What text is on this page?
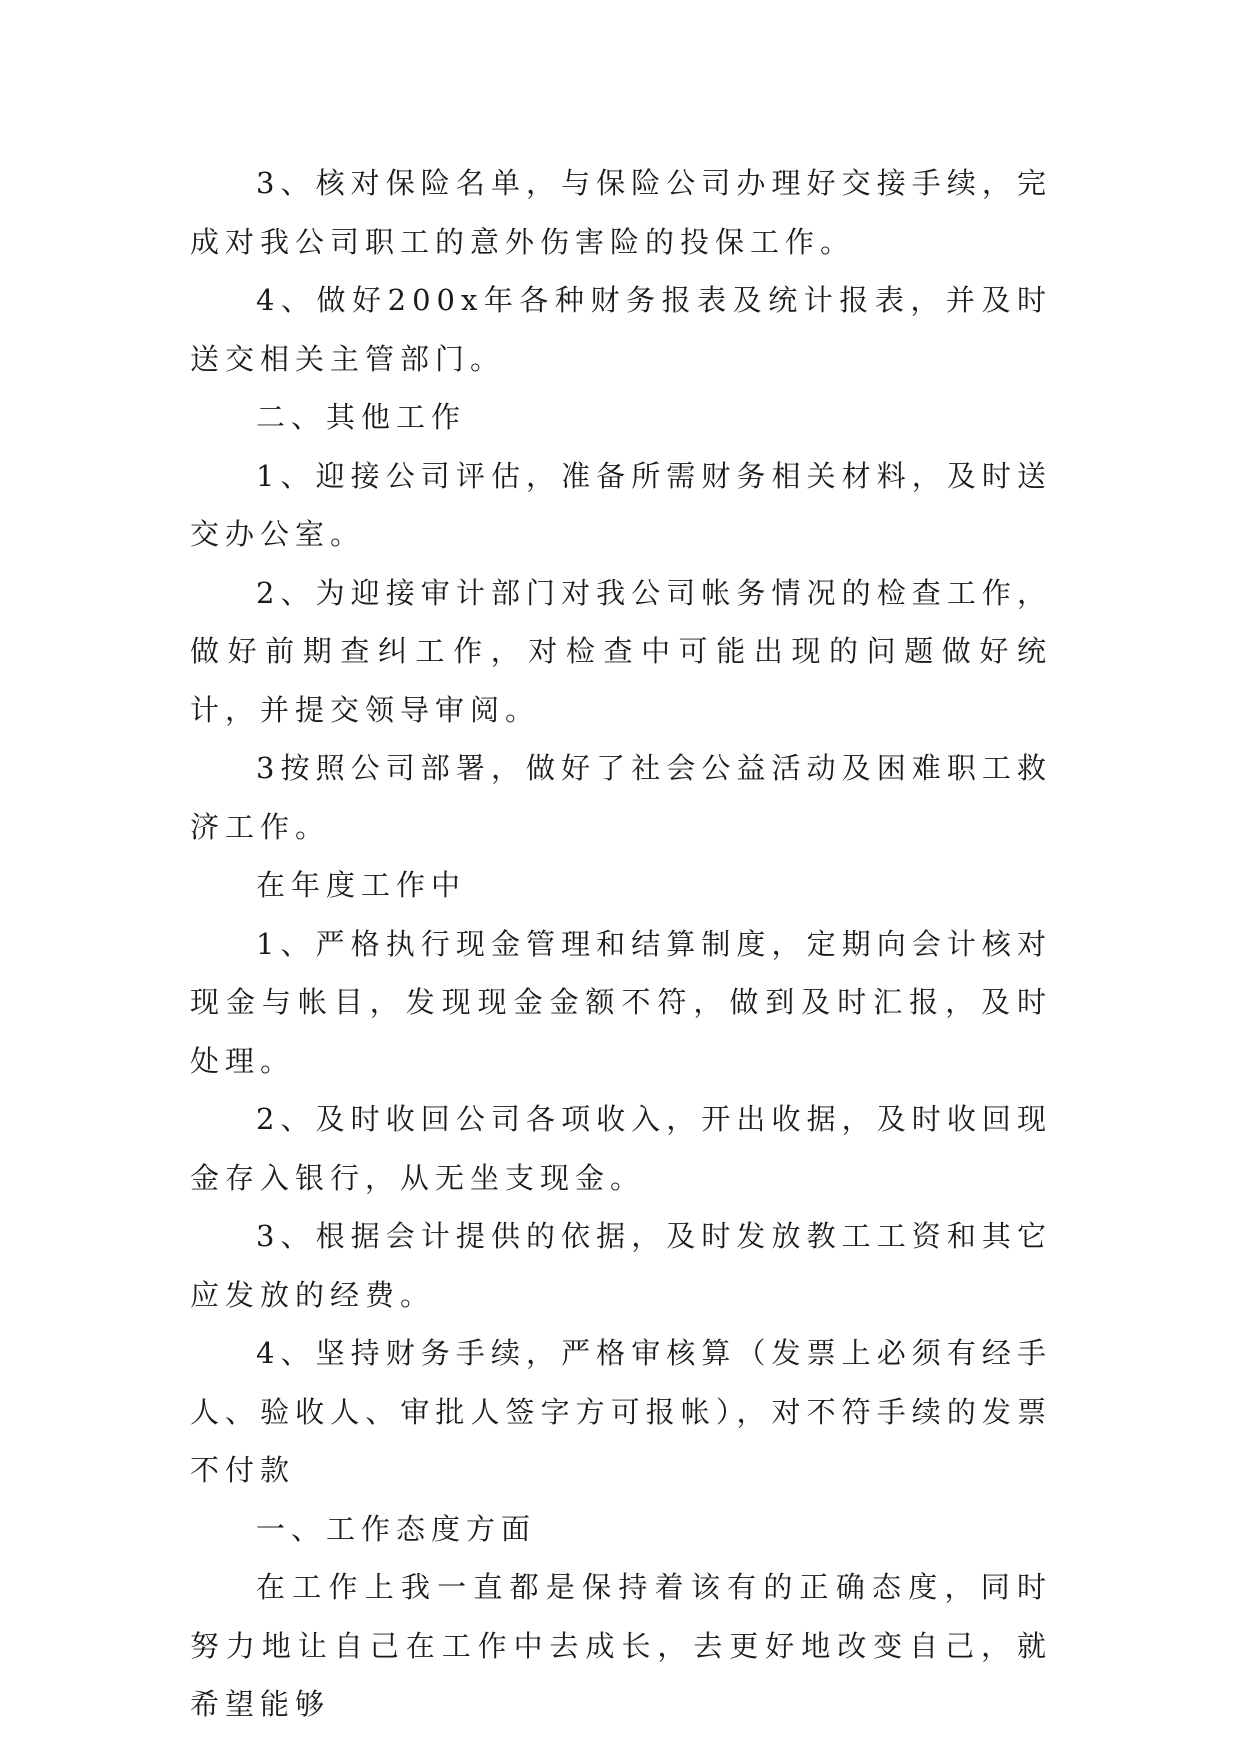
3、核对保险名单，与保险公司办理好交接手续，完成对我公司职工的意外伤害险的投保工作。

4、做好200x年各种财务报表及统计报表，并及时送交相关主管部门。

二、其他工作

1、迎接公司评估，准备所需财务相关材料，及时送交办公室。

2、为迎接审计部门对我公司帐务情况的检查工作，做好前期查纠工作，对检查中可能出现的问题做好统计，并提交领导审阅。

3按照公司部署，做好了社会公益活动及困难职工救济工作。

在年度工作中

1、严格执行现金管理和结算制度，定期向会计核对现金与帐目，发现现金金额不符，做到及时汇报，及时处理。

2、及时收回公司各项收入，开出收据，及时收回现金存入银行，从无坐支现金。

3、根据会计提供的依据，及时发放教工工资和其它应发放的经费。

4、坚持财务手续，严格审核算（发票上必须有经手人、验收人、审批人签字方可报帐），对不符手续的发票不付款

一、工作态度方面

在工作上我一直都是保持着该有的正确态度，同时努力地让自己在工作中去成长，去更好地改变自己，就希望能够
